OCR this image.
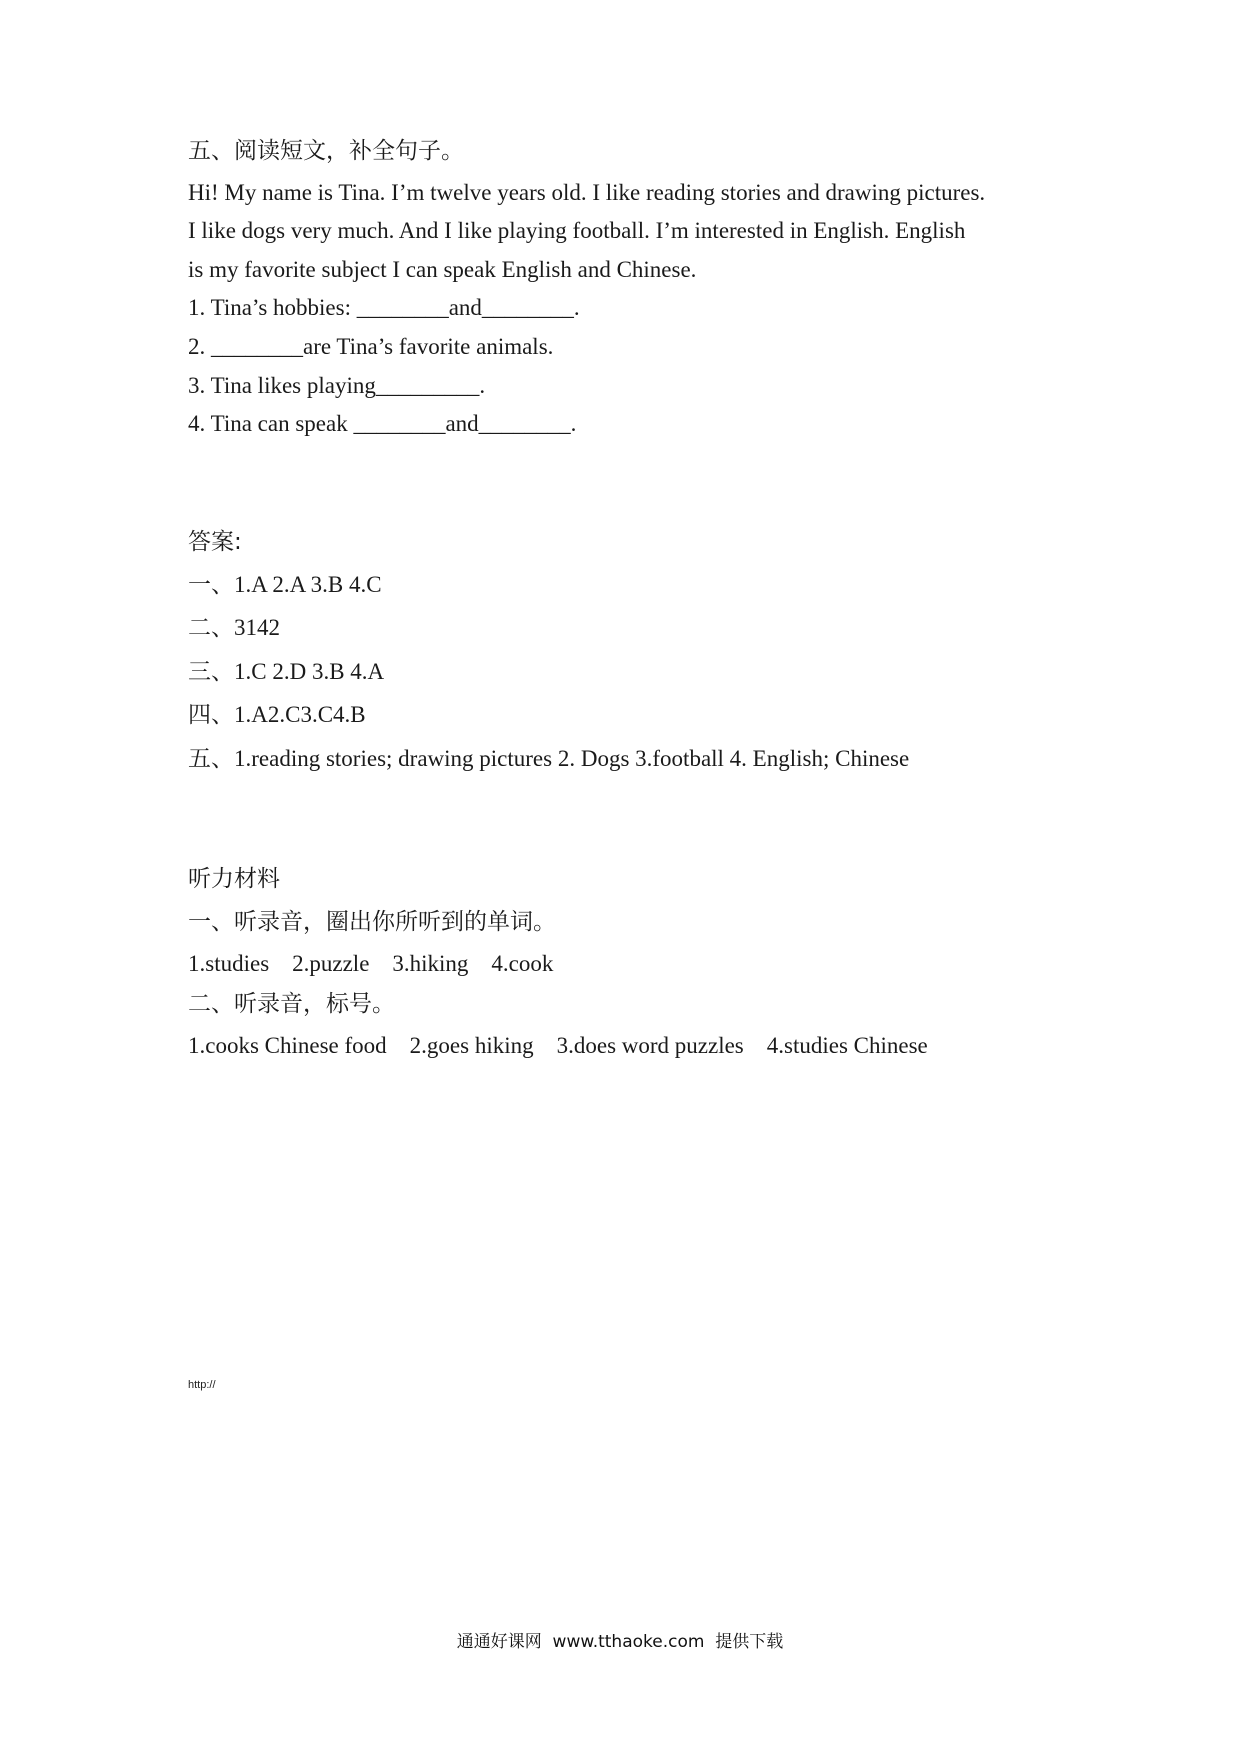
五、阅读短文，补全句子。
Hi! My name is Tina. I’m twelve years old. I like reading stories and drawing pictures.
I like dogs very much. And I like playing football. I’m interested in English. English
is my favorite subject I can speak English and Chinese.
1. Tina’s hobbies: ________and________.
2. ________are Tina’s favorite animals.
3. Tina likes playing_________.
4. Tina can speak ________and________.
答案:
一、1.A 2.A 3.B 4.C
二、3142
三、1.C 2.D 3.B 4.A
四、1.A2.C3.C4.B
五、1.reading stories; drawing pictures 2. Dogs 3.football 4. English; Chinese
听力材料
一、听录音，圈出你所听到的单词。
1.studies    2.puzzle    3.hiking    4.cook
二、听录音，标号。
1.cooks Chinese food    2.goes hiking    3.does word puzzles    4.studies Chinese
http://
通通好课网 www.tthaoke.com 提供下载
